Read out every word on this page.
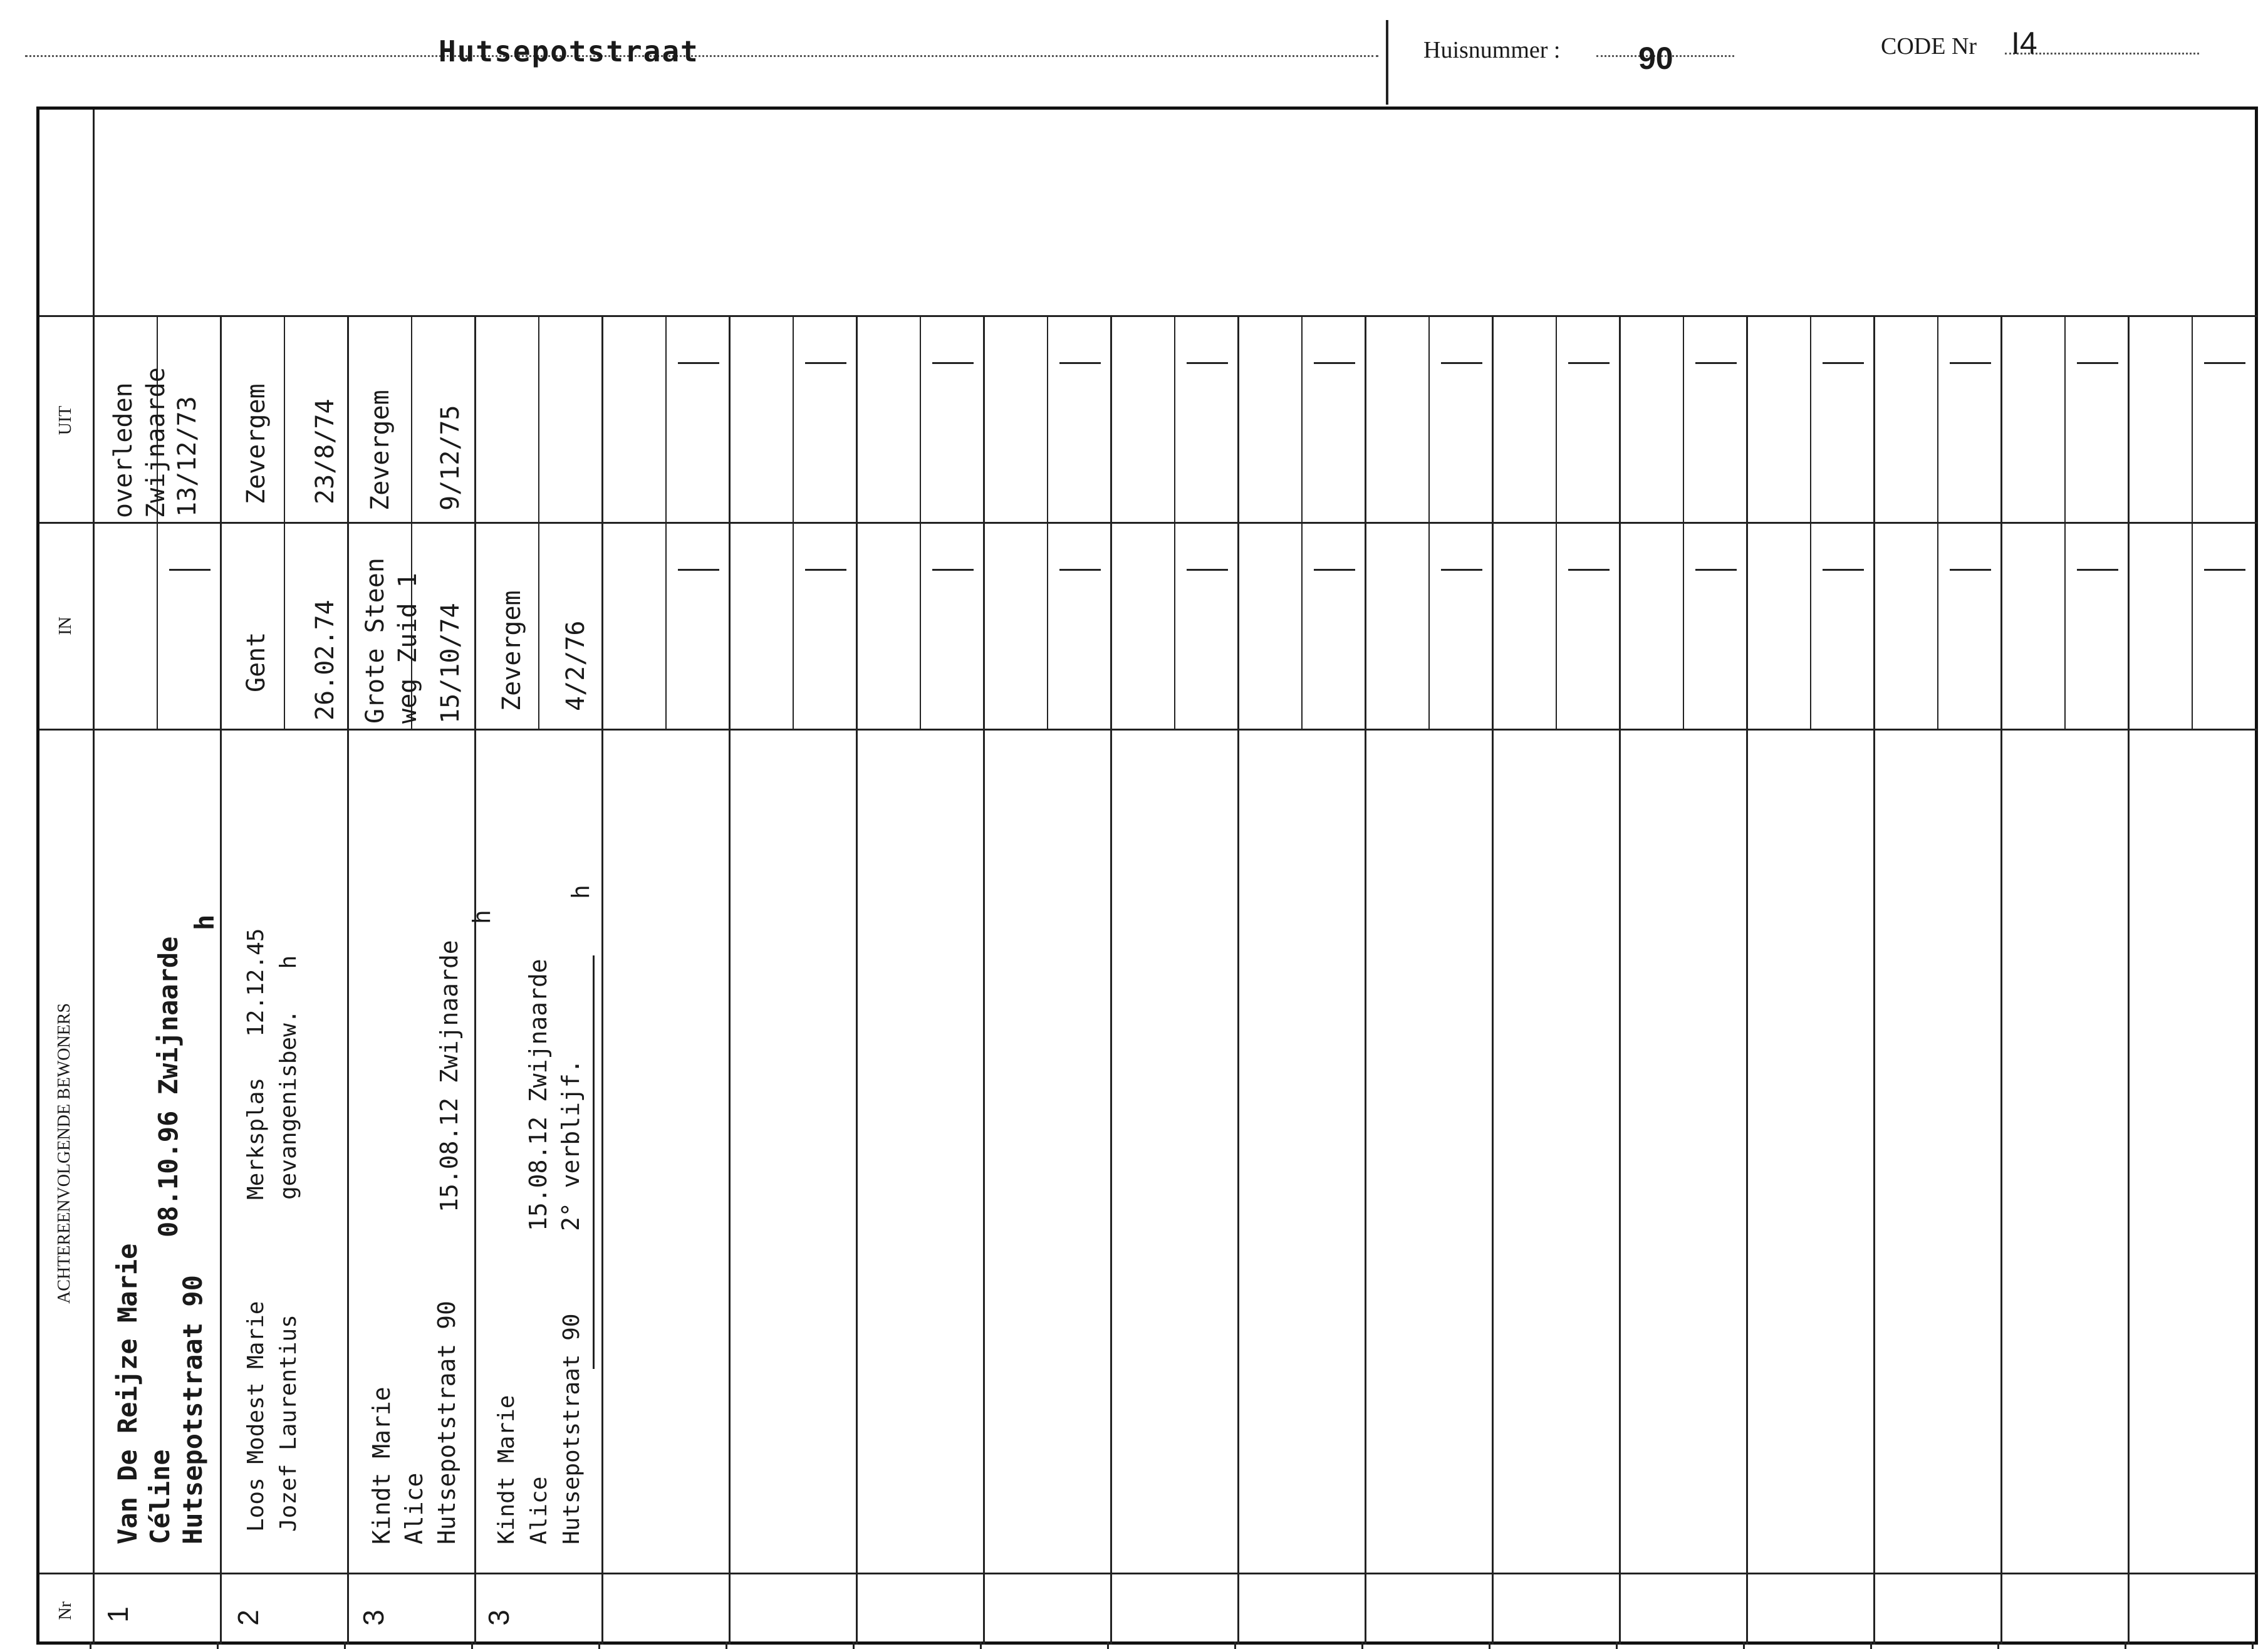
Hutsepotstraat	Huisnummer : 90	CODE Nr I4
UIT
IN
ACHTEREENVOLGENDE BEWONERS
Nr
overleden
Zwijnaarde 13/12/73
Van De Reijze Marie
Céline
Hutsepotstraat 90
08.10.96 Zwijnaarde
h
1
Zevergem 23/8/74
Gent 26.02.74
Loos Modest Marie
Jozef Laurentius
Merksplas   12.12.45
gevangenisbew.   h
2
Zevergem 9/12/75
Grote Steen
weg Zuid 1
15/10/74
Kindt Marie
Alice
Hutsepotstraat 90
15.08.12 Zwijnaarde
h
3
Zevergem 4/2/76
Kindt Marie
Alice
Hutsepotstraat 90
15.08.12 Zwijnaarde
2° verblijf.
h
3
